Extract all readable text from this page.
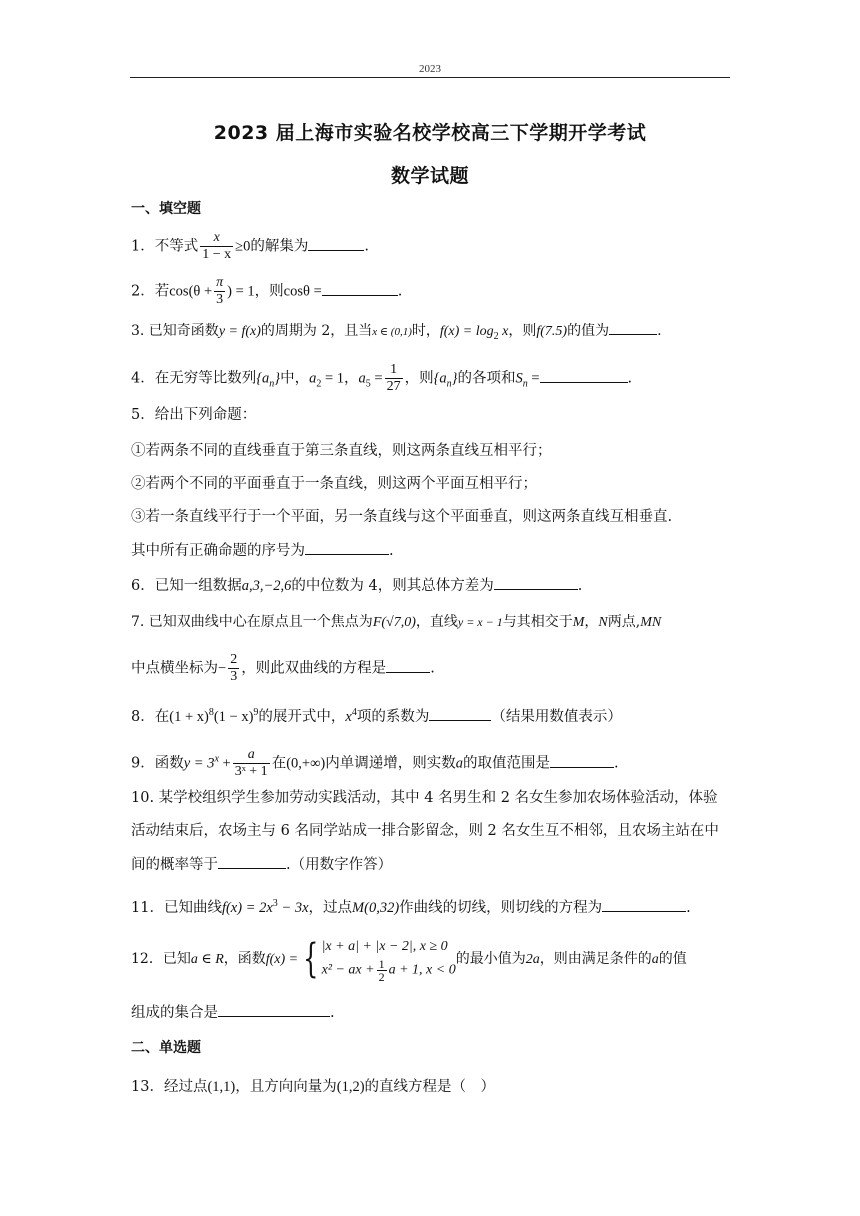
2023
2023 届上海市实验名校学校高三下学期开学考试
数学试题
一、填空题
1．不等式 $\frac{x}{1 - x} \ge 0$的解集为	.
2．若$\cos(\theta + \frac{\pi}{3}$ ) = 1，则cosθ =	.
3. 已知奇函数y = f(x)的周期为 2，且当x ∈ (0,1)时，$f(x) = \log_2 x$，则f(7.5)的值为	.
4．在无穷等比数列$\{a_n\}$中，$a_2 = 1$，$a_5 = \frac{1}{27}$ ，则$\{a_n\}$的各项和$S_n$ =	.
5．给出下列命题：
①若两条不同的直线垂直于第三条直线，则这两条直线互相平行；
②若两个不同的平面垂直于一条直线，则这两个平面互相平行；
③若一条直线平行于一个平面，另一条直线与这个平面垂直，则这两条直线互相垂直.
其中所有正确命题的序号为	.
6．已知一组数据a,3,−2,6的中位数为 4，则其总体方差为	.
7. 已知双曲线中心在原点且一个焦点为F(√7,0)，直线y = x − 1与其相交于M，N两点,MN
中点横坐标为− $\frac{2}{3}$ ，则此双曲线的方程是	.
8．在$(1 + x)^8(1 - x)^9$的展开式中，$x^4$项的系数为	（结果用数值表示）
9．函数$y = 3^x + \frac{a}{\text{3ˣ + 1}}$ 在(0,+∞)内单调递增，则实数a的取值范围是	.
10. 某学校组织学生参加劳动实践活动，其中 4 名男生和 2 名女生参加农场体验活动，体验
活动结束后，农场主与 6 名同学站成一排合影留念，则 2 名女生互不相邻，且农场主站在中
间的概率等于	.（用数字作答）
11．已知曲线$f(x) = 2x^3 - 3x$，过点M(0,32)作曲线的切线，则切线的方程为	.
12．已知a ∈ R，函数f(x) = { |x + a| + |x − 2|, x ≥ 0
x² − ax + $\frac{1}{2}$ a + 1, x < 0
的最小值为2a，则由满足条件的a的值
组成的集合是	.
二、单选题
13．经过点(1,1)，且方向向量为(1,2)的直线方程是（　）
